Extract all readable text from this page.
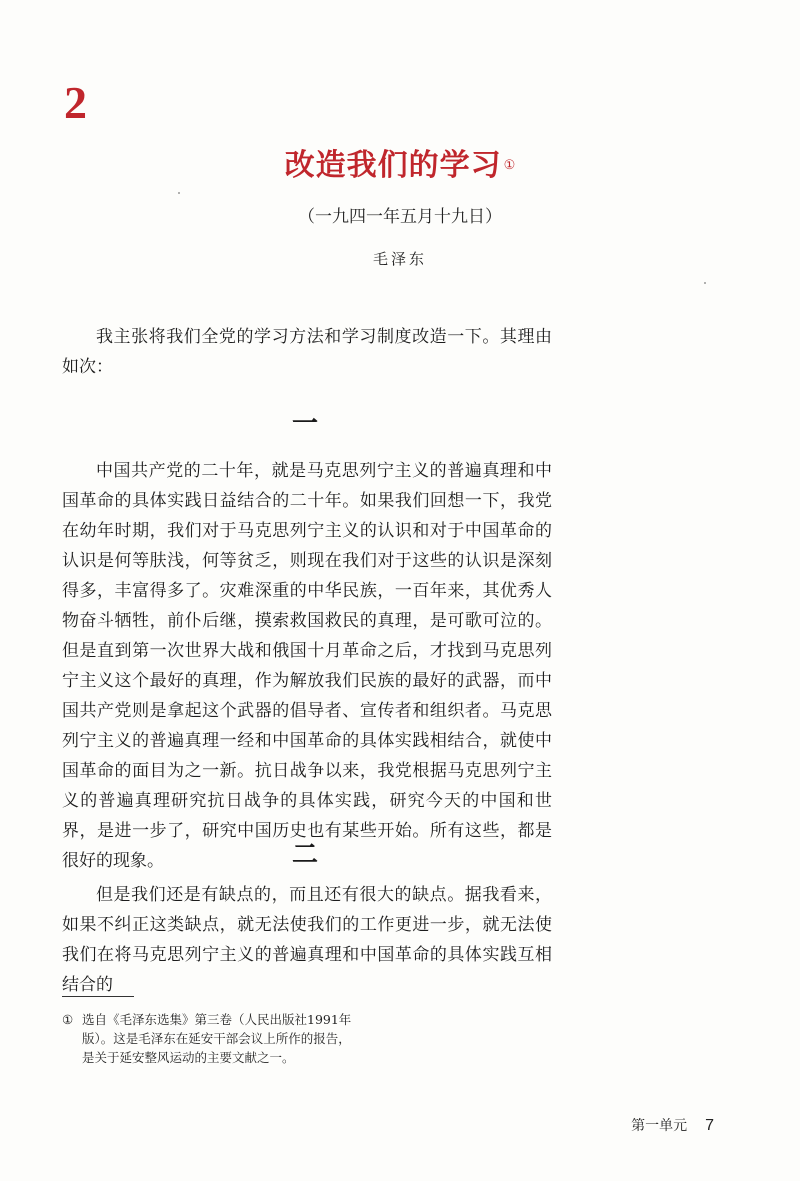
2
改造我们的学习 ①
（一九四一年五月十九日）
毛泽东

我主张将我们全党的学习方法和学习制度改造一下。其理由如次：

一

中国共产党的二十年，就是马克思列宁主义的普遍真理和中国革命的具体实践日益结合的二十年。如果我们回想一下，我党在幼年时期，我们对于马克思列宁主义的认识和对于中国革命的认识是何等肤浅，何等贫乏，则现在我们对于这些的认识是深刻得多，丰富得多了。灾难深重的中华民族，一百年来，其优秀人物奋斗牺牲，前仆后继，摸索救国救民的真理，是可歌可泣的。但是直到第一次世界大战和俄国十月革命之后，才找到马克思列宁主义这个最好的真理，作为解放我们民族的最好的武器，而中国共产党则是拿起这个武器的倡导者、宣传者和组织者。马克思列宁主义的普遍真理一经和中国革命的具体实践相结合，就使中国革命的面目为之一新。抗日战争以来，我党根据马克思列宁主义的普遍真理研究抗日战争的具体实践，研究今天的中国和世界，是进一步了，研究中国历史也有某些开始。所有这些，都是很好的现象。	二

但是我们还是有缺点的，而且还有很大的缺点。据我看来，如果不纠正这类缺点，就无法使我们的工作更进一步，就无法使我们在将马克思列宁主义的普遍真理和中国革命的具体实践互相结合的

① 选自《毛泽东选集》第三卷（人民出版社1991年
版）。这是毛泽东在延安干部会议上所作的报告，
是关于延安整风运动的主要文献之一。
第一单元 7
